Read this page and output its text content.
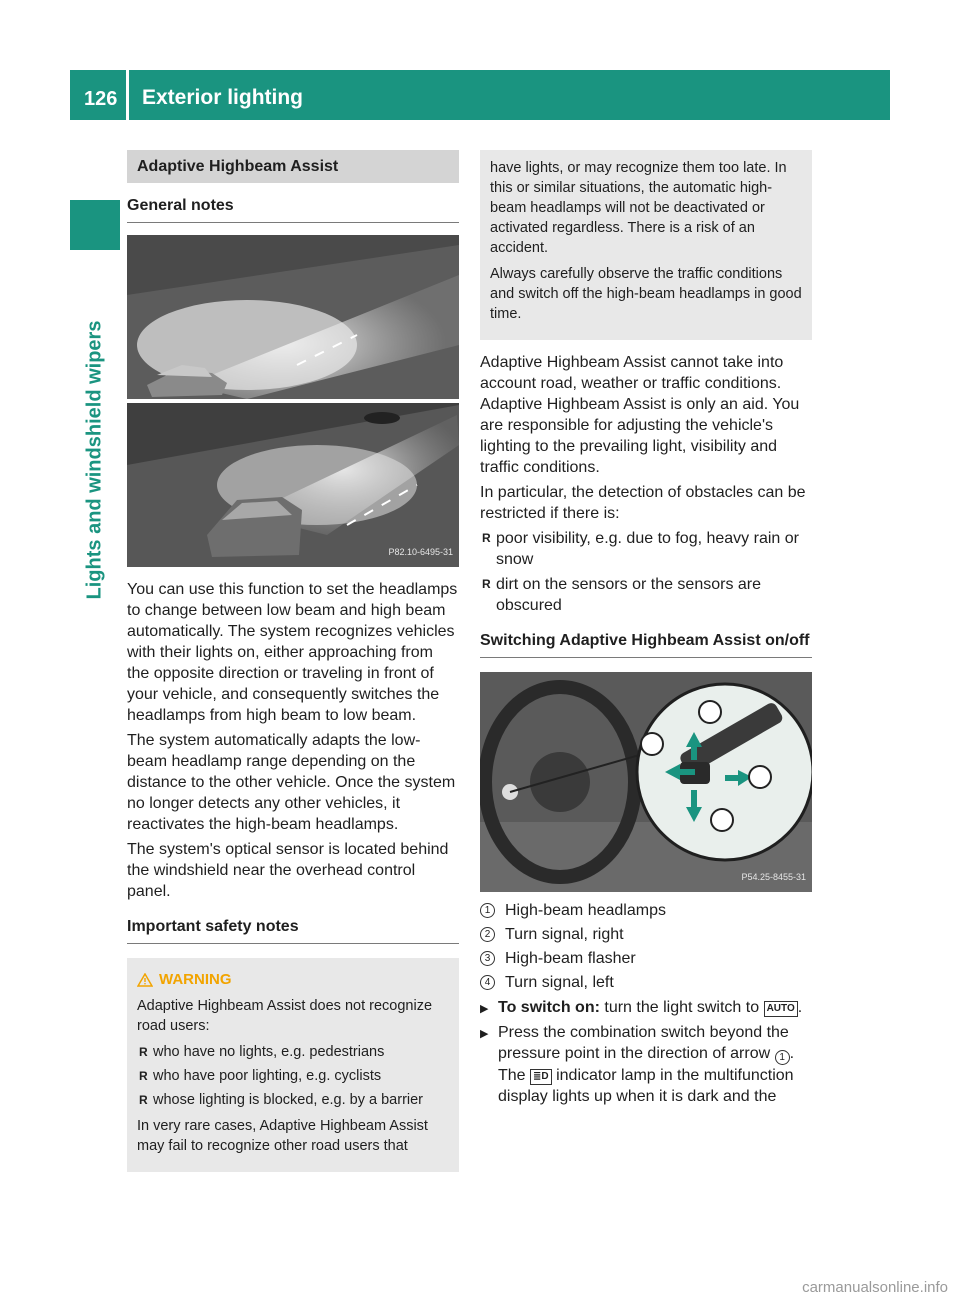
126 Exterior lighting
Lights and windshield wipers
Adaptive Highbeam Assist
General notes
P82.10-6495-31

You can use this function to set the headlamps to change between low beam and high beam automatically. The system recognizes vehicles with their lights on, either approaching from the opposite direction or traveling in front of your vehicle, and consequently switches the headlamps from high beam to low beam.

The system automatically adapts the low-beam headlamp range depending on the distance to the other vehicle. Once the system no longer detects any other vehicles, it reactivates the high-beam headlamps.

The system's optical sensor is located behind the windshield near the overhead control panel.

Important safety notes
WARNING

Adaptive Highbeam Assist does not recognize road users:

R who have no lights, e.g. pedestrians
R who have poor lighting, e.g. cyclists
R whose lighting is blocked, e.g. by a barrier

In very rare cases, Adaptive Highbeam Assist may fail to recognize other road users that

have lights, or may recognize them too late. In this or similar situations, the automatic high-beam headlamps will not be deactivated or activated regardless. There is a risk of an accident.

Always carefully observe the traffic conditions and switch off the high-beam headlamps in good time.

Adaptive Highbeam Assist cannot take into account road, weather or traffic conditions. Adaptive Highbeam Assist is only an aid. You are responsible for adjusting the vehicle's lighting to the prevailing light, visibility and traffic conditions.

In particular, the detection of obstacles can be restricted if there is:

R poor visibility, e.g. due to fog, heavy rain or snow
R dirt on the sensors or the sensors are obscured
Switching Adaptive Highbeam Assist on/off
P54.25-8455-31
1 High-beam headlamps
2 Turn signal, right
3 High-beam flasher
4 Turn signal, left
▶ To switch on: turn the light switch to AUTO .
▶ Press the combination switch beyond the pressure point in the direction of arrow 1 . The ≣D indicator lamp in the multifunction display lights up when it is dark and the
carmanualsonline.info
